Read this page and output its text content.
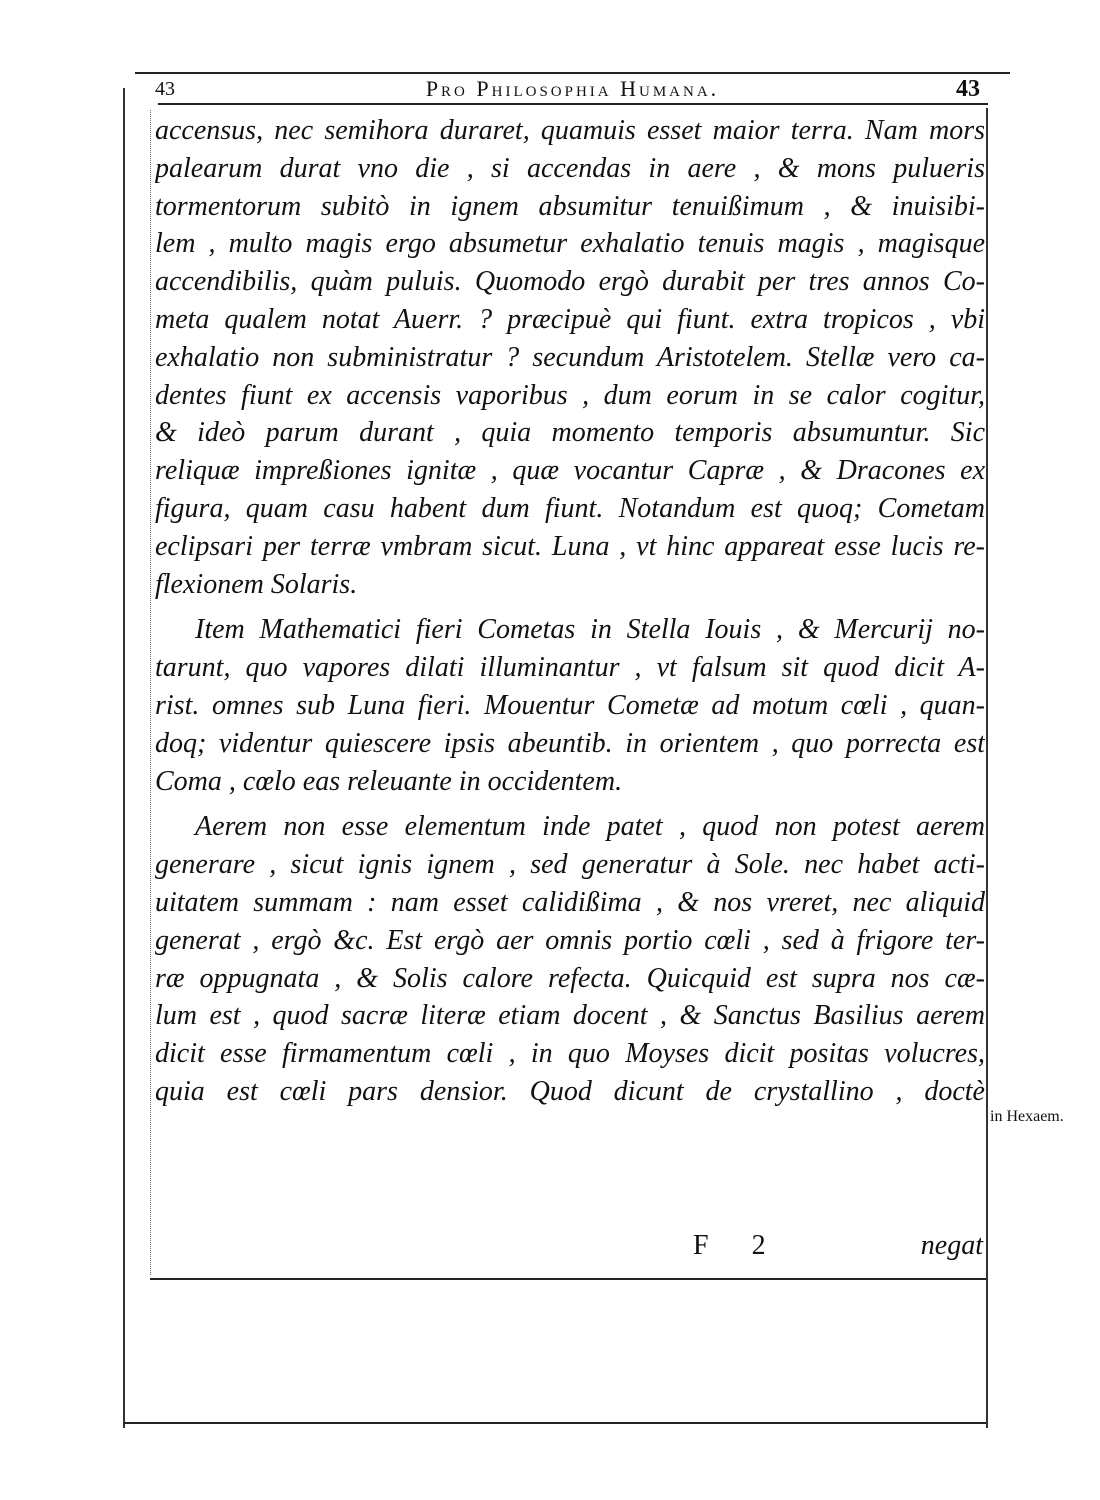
43	Pro Philosophia Humana.	43
accensus, nec semihora duraret, quamuis esset maior terra. Nam mors
palearum durat vno die , si accendas in aere , & mons pulueris
tormentorum subitò in ignem absumitur tenuißimum , & inuisibi-
lem , multo magis ergo absumetur exhalatio tenuis magis , magisque
accendibilis, quàm puluis. Quomodo ergò durabit per tres annos Co-
meta qualem notat Auerr. ? præcipuè qui fiunt. extra tropicos , vbi
exhalatio non subministratur ? secundum Aristotelem. Stellæ vero ca-
dentes fiunt ex accensis vaporibus , dum eorum in se calor cogitur,
& ideò parum durant , quia momento temporis absumuntur. Sic
reliquæ impreßiones ignitæ , quæ vocantur Capræ , & Dracones ex
figura, quam casu habent dum fiunt. Notandum est quoq; Cometam
eclipsari per terræ vmbram sicut. Luna , vt hinc appareat esse lucis re-
flexionem Solaris.
Item Mathematici fieri Cometas in Stella Iouis , & Mercurij no-
tarunt, quo vapores dilati illuminantur , vt falsum sit quod dicit A-
rist. omnes sub Luna fieri. Mouentur Cometæ ad motum cœli , quan-
doq; videntur quiescere ipsis abeuntib. in orientem , quo porrecta est
Coma , cœlo eas releuante in occidentem.
Aerem non esse elementum inde patet , quod non potest aerem
generare , sicut ignis ignem , sed generatur à Sole. nec habet acti-
uitatem summam : nam esset calidißima , & nos vreret, nec aliquid
generat , ergò &c. Est ergò aer omnis portio cœli , sed à frigore ter-
ræ oppugnata , & Solis calore refecta. Quicquid est supra nos cæ-
lum est , quod sacræ literæ etiam docent , & Sanctus Basilius aerem
dicit esse firmamentum cœli , in quo Moyses dicit positas volucres,
quia est cœli pars densior. Quod dicunt de crystallino , doctè
F 2	negat
in Hexaem.
